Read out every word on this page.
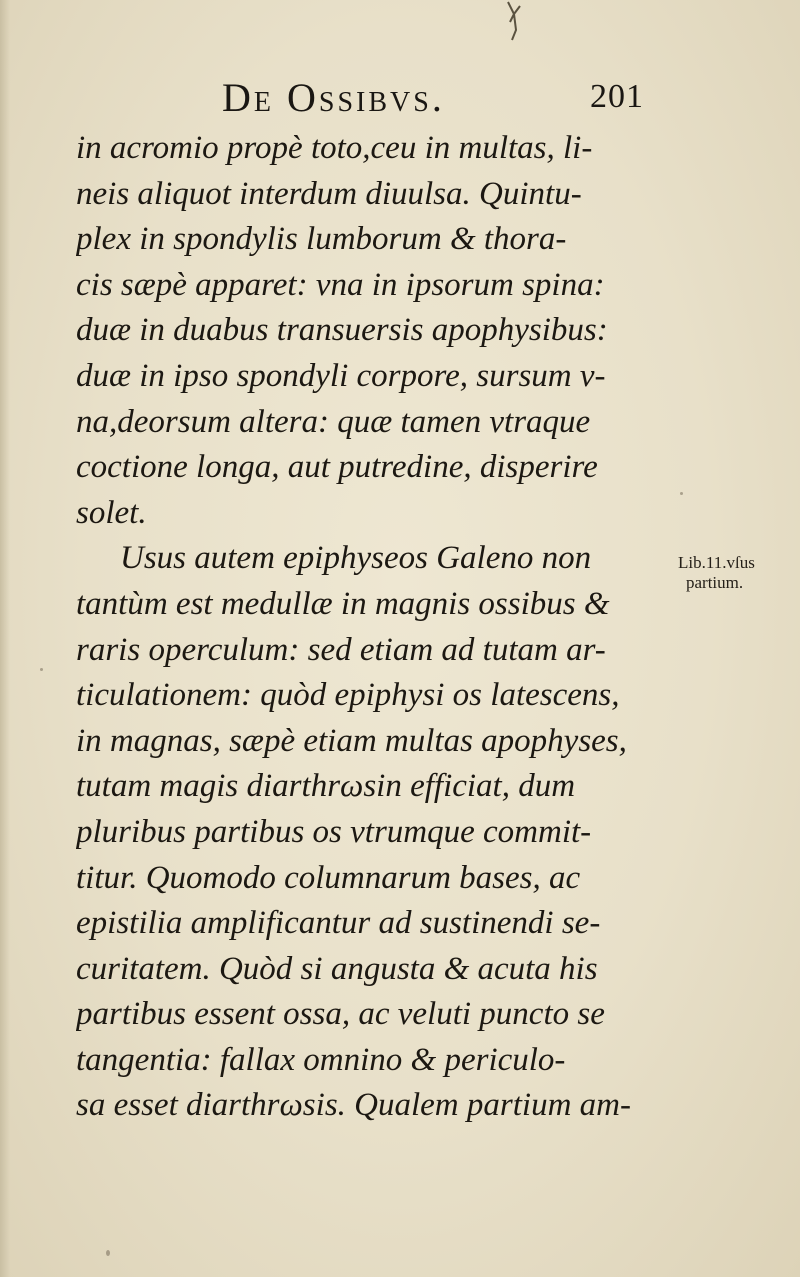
De Ossibvs.	201
in acromio propè toto,ceu in multas, li-
neis aliquot interdum diuulsa. Quintu-
plex in spondylis lumborum & thora-
cis sæpè apparet: vna in ipsorum spina:
duæ in duabus transuersis apophysibus:
duæ in ipso spondyli corpore, sursum v-
na,deorsum altera: quæ tamen vtraque
coctione longa, aut putredine, disperire
solet.
Usus autem epiphyseos Galeno non
tantùm est medullæ in magnis ossibus &
raris operculum: sed etiam ad tutam ar-
ticulationem: quòd epiphysi os latescens,
in magnas, sæpè etiam multas apophyses,
tutam magis diarthrωsin efficiat, dum
pluribus partibus os vtrumque commit-
titur. Quomodo columnarum bases, ac
epistilia amplificantur ad sustinendi se-
curitatem. Quòd si angusta & acuta his
partibus essent ossa, ac veluti puncto se
tangentia: fallax omnino & periculo-
sa esset diarthrωsis. Qualem partium am-
Lib.11.vſus
partium.
